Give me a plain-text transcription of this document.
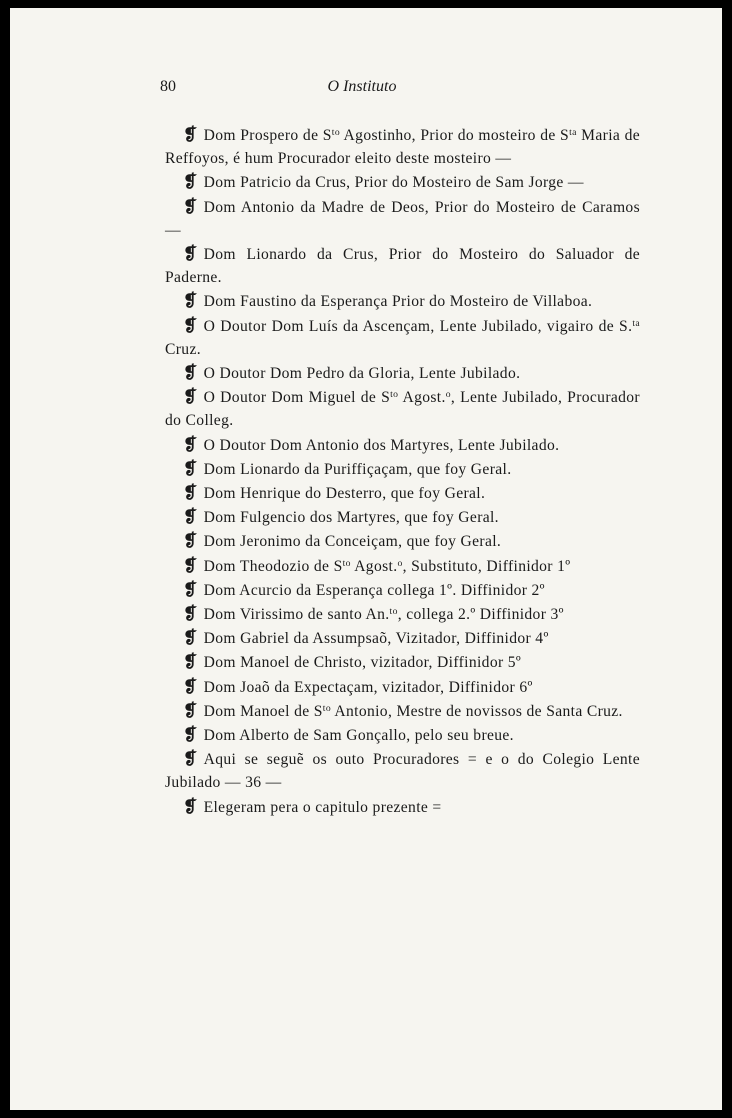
80	O Instituto

❡ Dom Prospero de $S^{to}$ Agostinho, Prior do mosteiro de $S^{ta}$ Maria de Reffoyos, é hum Procurador eleito deste mosteiro —

❡ Dom Patricio da Crus, Prior do Mosteiro de Sam Jorge —

❡ Dom Antonio da Madre de Deos, Prior do Mosteiro de Caramos —

❡ Dom Lionardo da Crus, Prior do Mosteiro do Saluador de Paderne.

❡ Dom Faustino da Esperança Prior do Mosteiro de Villaboa.

❡ O Doutor Dom Luís da Ascençam, Lente Jubilado, vigairo de S.$^{ta}$ Cruz.

❡ O Doutor Dom Pedro da Gloria, Lente Jubilado.

❡ O Doutor Dom Miguel de $S^{to}$ Agost.$^o$, Lente Jubilado, Procurador do Colleg.

❡ O Doutor Dom Antonio dos Martyres, Lente Jubilado.

❡ Dom Lionardo da Puriffiçaçam, que foy Geral.

❡ Dom Henrique do Desterro, que foy Geral.

❡ Dom Fulgencio dos Martyres, que foy Geral.

❡ Dom Jeronimo da Conceiçam, que foy Geral.

❡ Dom Theodozio de $S^{to}$ Agost.$^o$, Substituto, Diffinidor 1º

❡ Dom Acurcio da Esperança collega 1º. Diffinidor 2º

❡ Dom Virissimo de santo An.$^{to}$, collega 2.º Diffinidor 3º

❡ Dom Gabriel da Assumpsaõ, Vizitador, Diffinidor 4º

❡ Dom Manoel de Christo, vizitador, Diffinidor 5º

❡ Dom Joaõ da Expectaçam, vizitador, Diffinidor 6º

❡ Dom Manoel de $S^{to}$ Antonio, Mestre de novissos de Santa Cruz.

❡ Dom Alberto de Sam Gonçallo, pelo seu breue.

❡ Aqui se seguẽ os outo Procuradores = e o do Colegio Lente Jubilado — 36 —

❡ Elegeram pera o capitulo prezente =
